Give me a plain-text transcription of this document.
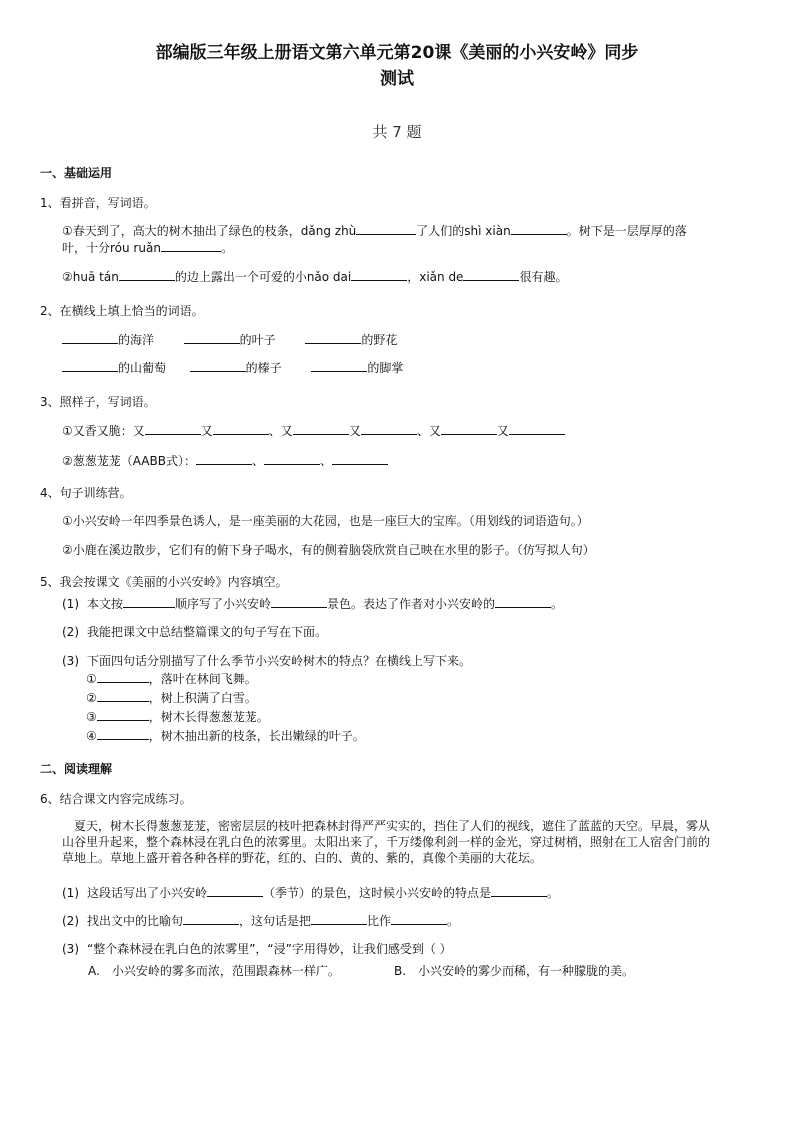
部编版三年级上册语文第六单元第20课《美丽的小兴安岭》同步
测试
共 7 题
一、基础运用
1、看拼音，写词语。
①春天到了，高大的树木抽出了绿色的枝条，dǎng zhù	了人们的shì xiàn	。树下是一层厚厚的落
叶，十分róu ruǎn	。
②huā tán	的边上露出一个可爱的小nǎo dai	，xiǎn de	很有趣。
2、在横线上填上恰当的词语。
的海洋	的叶子	的野花
的山葡萄	的榛子	的脚掌
3、照样子，写词语。
①又香又脆：又	又	、又	又	、又	又
②葱葱茏茏（AABB式）：	、	、
4、句子训练营。
①小兴安岭一年四季景色诱人，是一座美丽的大花园，也是一座巨大的宝库。（用划线的词语造句。）
②小鹿在溪边散步，它们有的俯下身子喝水，有的侧着脑袋欣赏自己映在水里的影子。（仿写拟人句）
5、我会按课文《美丽的小兴安岭》内容填空。
(1) 本文按	顺序写了小兴安岭	景色。表达了作者对小兴安岭的	。
(2) 我能把课文中总结整篇课文的句子写在下面。
(3) 下面四句话分别描写了什么季节小兴安岭树木的特点？在横线上写下来。
①	，落叶在林间飞舞。
②	，树上积满了白雪。
③	，树木长得葱葱茏茏。
④	，树木抽出新的枝条，长出嫩绿的叶子。
二、阅读理解
6、结合课文内容完成练习。
夏天，树木长得葱葱茏茏，密密层层的枝叶把森林封得严严实实的，挡住了人们的视线，遮住了蓝蓝的天空。早晨，雾从山谷里升起来，整个森林浸在乳白色的浓雾里。太阳出来了，千万缕像利剑一样的金光，穿过树梢，照射在工人宿舍门前的草地上。草地上盛开着各种各样的野花，红的、白的、黄的、紫的，真像个美丽的大花坛。
(1) 这段话写出了小兴安岭	（季节）的景色，这时候小兴安岭的特点是	。
(2) 找出文中的比喻句	，这句话是把	比作	。
(3) “整个森林浸在乳白色的浓雾里”，“浸”字用得妙，让我们感受到（ ）
A. 小兴安岭的雾多而浓，范围跟森林一样广。	B. 小兴安岭的雾少而稀，有一种朦胧的美。
